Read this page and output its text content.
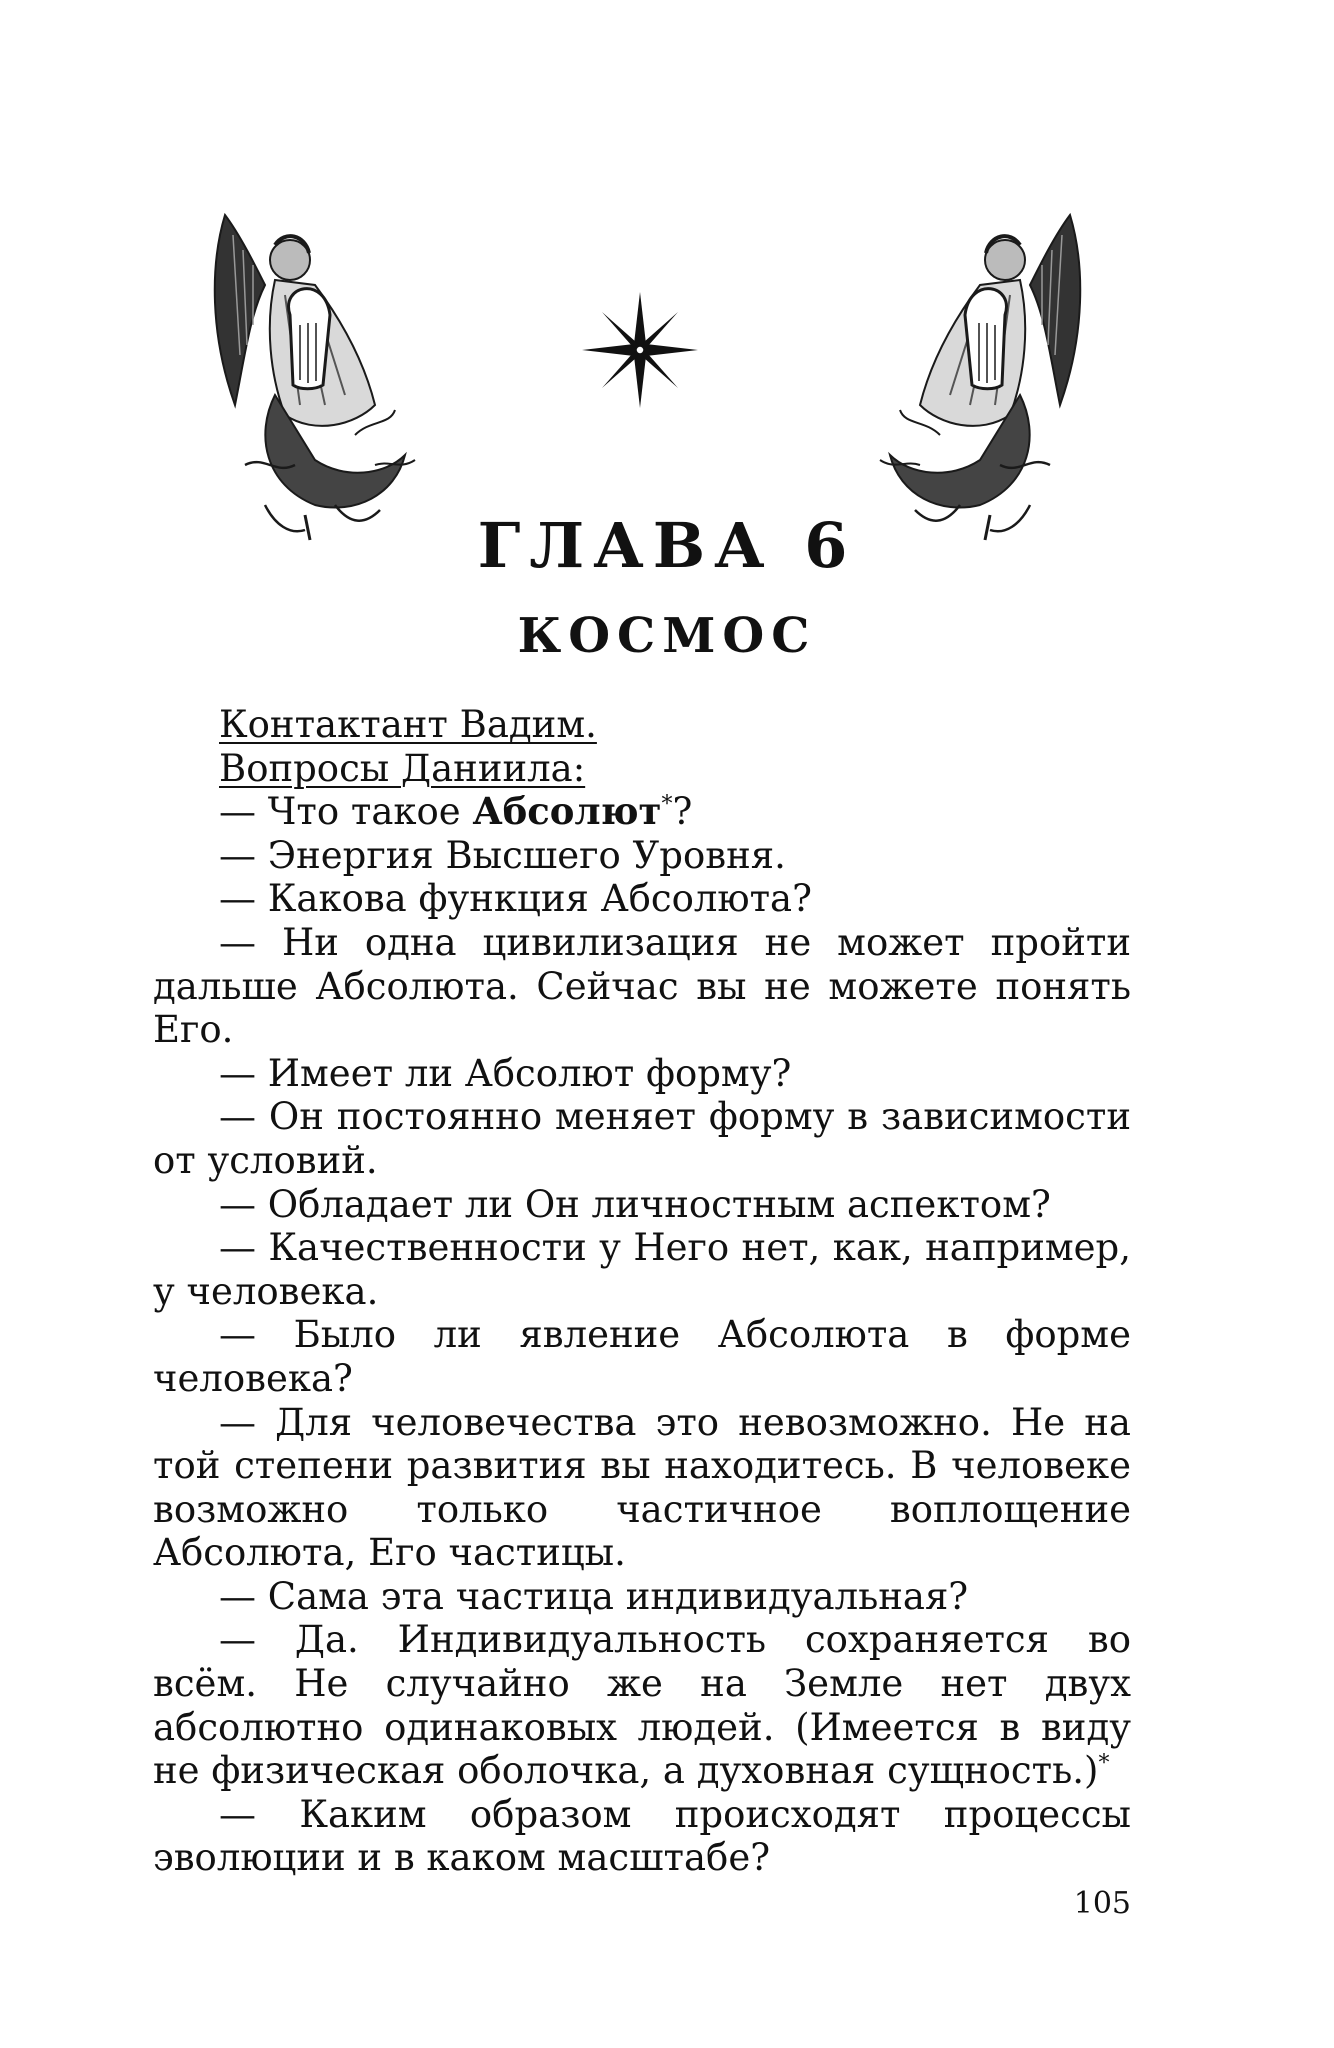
ГЛАВА 6
КОСМОС

Контактант Вадим.

Вопросы Даниила:

— Что такое Абсолют*?

— Энергия Высшего Уровня.

— Какова функция Абсолюта?

— Ни одна цивилизация не может пройти дальше Абсолюта. Сейчас вы не можете понять Его.

— Имеет ли Абсолют форму?

— Он постоянно меняет форму в зависимости от условий.

— Обладает ли Он личностным аспектом?

— Качественности у Него нет, как, например, у человека.

— Было ли явление Абсолюта в форме человека?

— Для человечества это невозможно. Не на той степени развития вы находитесь. В человеке возможно только частичное воплощение Абсолюта, Его частицы.

— Сама эта частица индивидуальная?

— Да. Индивидуальность сохраняется во всём. Не случайно же на Земле нет двух абсолютно одинаковых людей. (Имеется в виду не физическая оболочка, а духовная сущность.)*

— Каким образом происходят процессы эволюции и в каком масштабе?

105
